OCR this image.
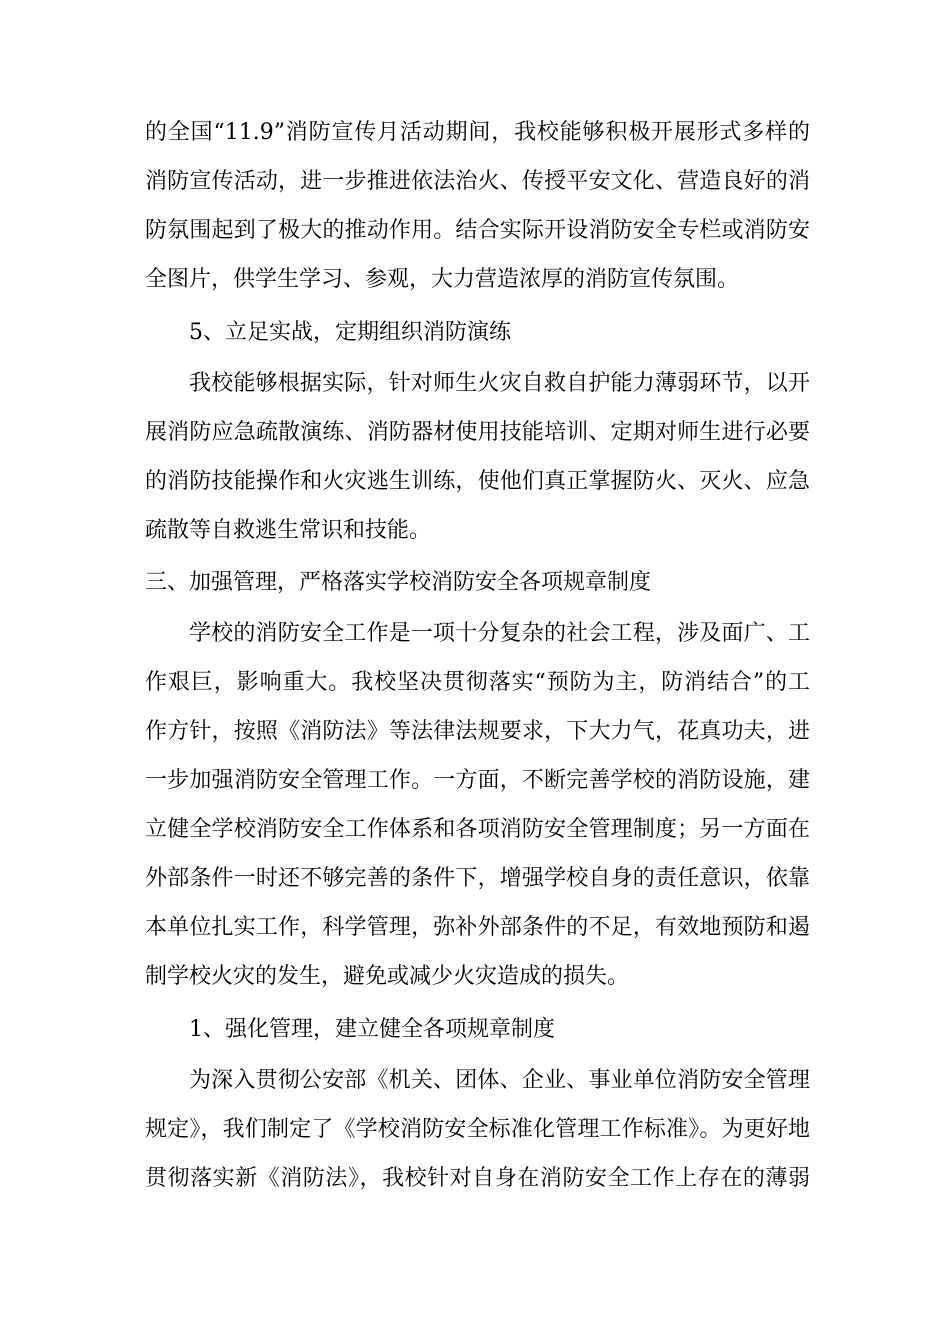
的全国“11.9”消防宣传月活动期间，我校能够积极开展形式多样的
消防宣传活动，进一步推进依法治火、传授平安文化、营造良好的消
防氛围起到了极大的推动作用。结合实际开设消防安全专栏或消防安
全图片，供学生学习、参观，大力营造浓厚的消防宣传氛围。
5、立足实战，定期组织消防演练
我校能够根据实际，针对师生火灾自救自护能力薄弱环节，以开
展消防应急疏散演练、消防器材使用技能培训、定期对师生进行必要
的消防技能操作和火灾逃生训练，使他们真正掌握防火、灭火、应急
疏散等自救逃生常识和技能。
三、加强管理，严格落实学校消防安全各项规章制度
学校的消防安全工作是一项十分复杂的社会工程，涉及面广、工
作艰巨，影响重大。我校坚决贯彻落实“预防为主，防消结合”的工
作方针，按照《消防法》等法律法规要求，下大力气，花真功夫，进
一步加强消防安全管理工作。一方面，不断完善学校的消防设施，建
立健全学校消防安全工作体系和各项消防安全管理制度；另一方面在
外部条件一时还不够完善的条件下，增强学校自身的责任意识，依靠
本单位扎实工作，科学管理，弥补外部条件的不足，有效地预防和遏
制学校火灾的发生，避免或减少火灾造成的损失。
1、强化管理，建立健全各项规章制度
为深入贯彻公安部《机关、团体、企业、事业单位消防安全管理
规定》，我们制定了《学校消防安全标准化管理工作标准》。为更好地
贯彻落实新《消防法》，我校针对自身在消防安全工作上存在的薄弱
